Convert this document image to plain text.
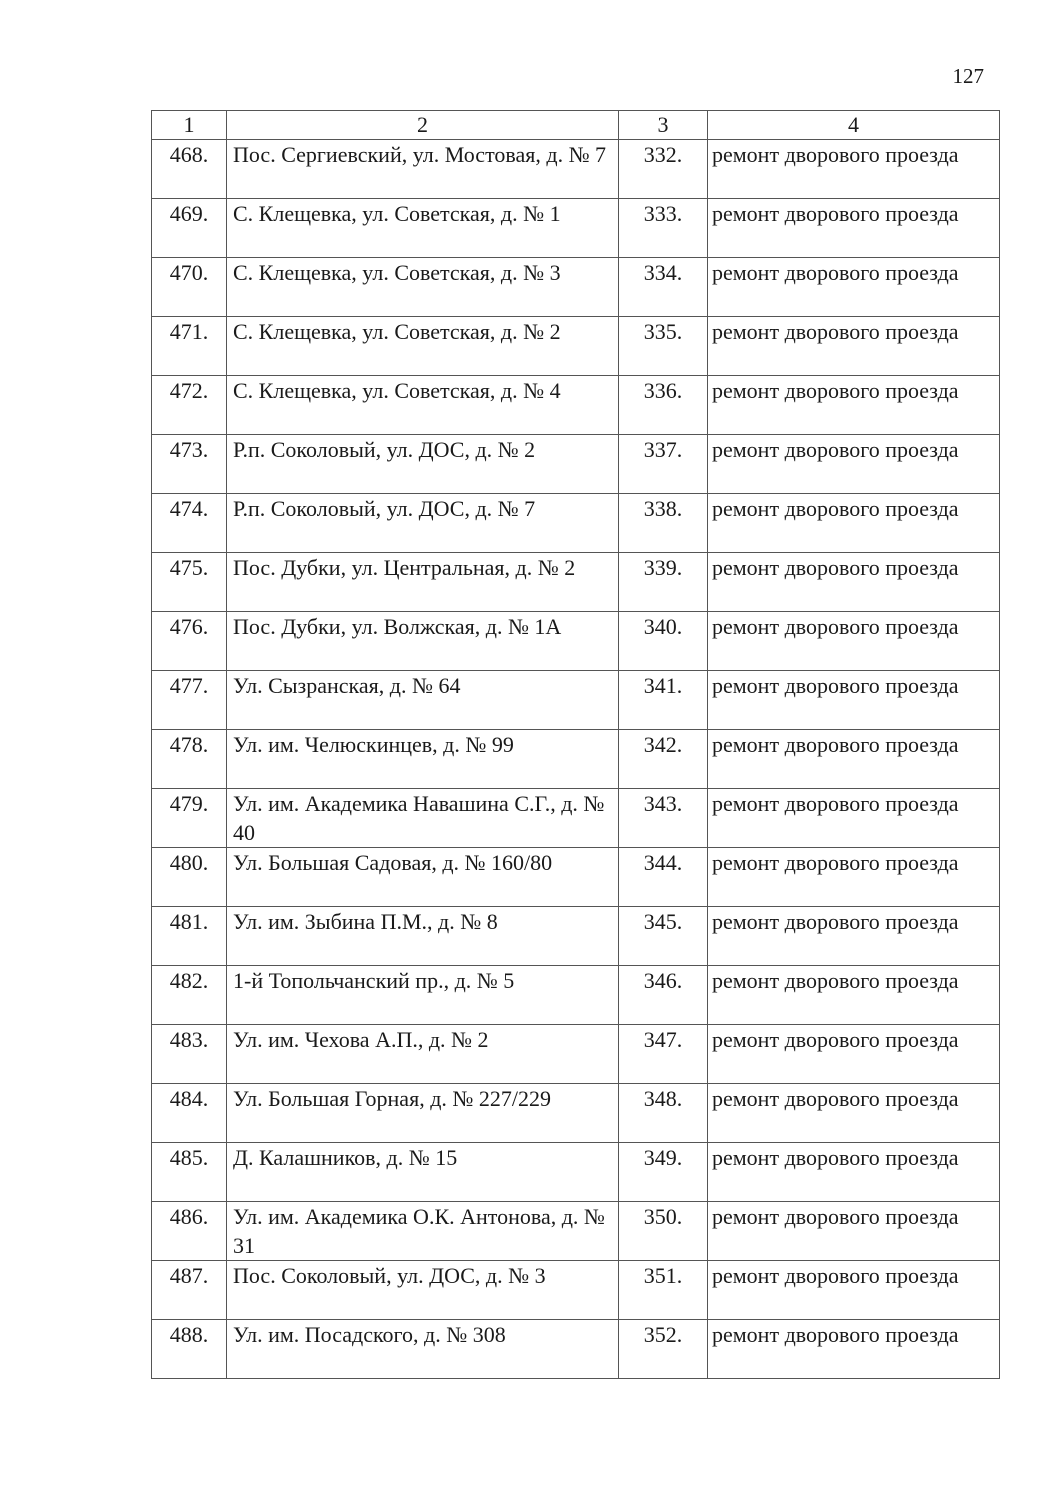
127
1	2	3	4
468.	Пос. Сергиевский, ул. Мостовая, д. № 7	332.	ремонт дворового проезда
469.	С. Клещевка, ул. Советская, д. № 1	333.	ремонт дворового проезда
470.	С. Клещевка, ул. Советская, д. № 3	334.	ремонт дворового проезда
471.	С. Клещевка, ул. Советская, д. № 2	335.	ремонт дворового проезда
472.	С. Клещевка, ул. Советская, д. № 4	336.	ремонт дворового проезда
473.	Р.п. Соколовый, ул. ДОС, д. № 2	337.	ремонт дворового проезда
474.	Р.п. Соколовый, ул. ДОС, д. № 7	338.	ремонт дворового проезда
475.	Пос. Дубки, ул. Центральная, д. № 2	339.	ремонт дворового проезда
476.	Пос. Дубки, ул. Волжская, д. № 1А	340.	ремонт дворового проезда
477.	Ул. Сызранская, д. № 64	341.	ремонт дворового проезда
478.	Ул. им. Челюскинцев, д. № 99	342.	ремонт дворового проезда
479.	Ул. им. Академика Навашина С.Г., д. № 40	343.	ремонт дворового проезда
480.	Ул. Большая Садовая, д. № 160/80	344.	ремонт дворового проезда
481.	Ул. им. Зыбина П.М., д. № 8	345.	ремонт дворового проезда
482.	1-й Топольчанский пр., д. № 5	346.	ремонт дворового проезда
483.	Ул. им. Чехова А.П., д. № 2	347.	ремонт дворового проезда
484.	Ул. Большая Горная, д. № 227/229	348.	ремонт дворового проезда
485.	Д. Калашников, д. № 15	349.	ремонт дворового проезда
486.	Ул. им. Академика О.К. Антонова, д. № 31	350.	ремонт дворового проезда
487.	Пос. Соколовый, ул. ДОС, д. № 3	351.	ремонт дворового проезда
488.	Ул. им. Посадского, д. № 308	352.	ремонт дворового проезда
